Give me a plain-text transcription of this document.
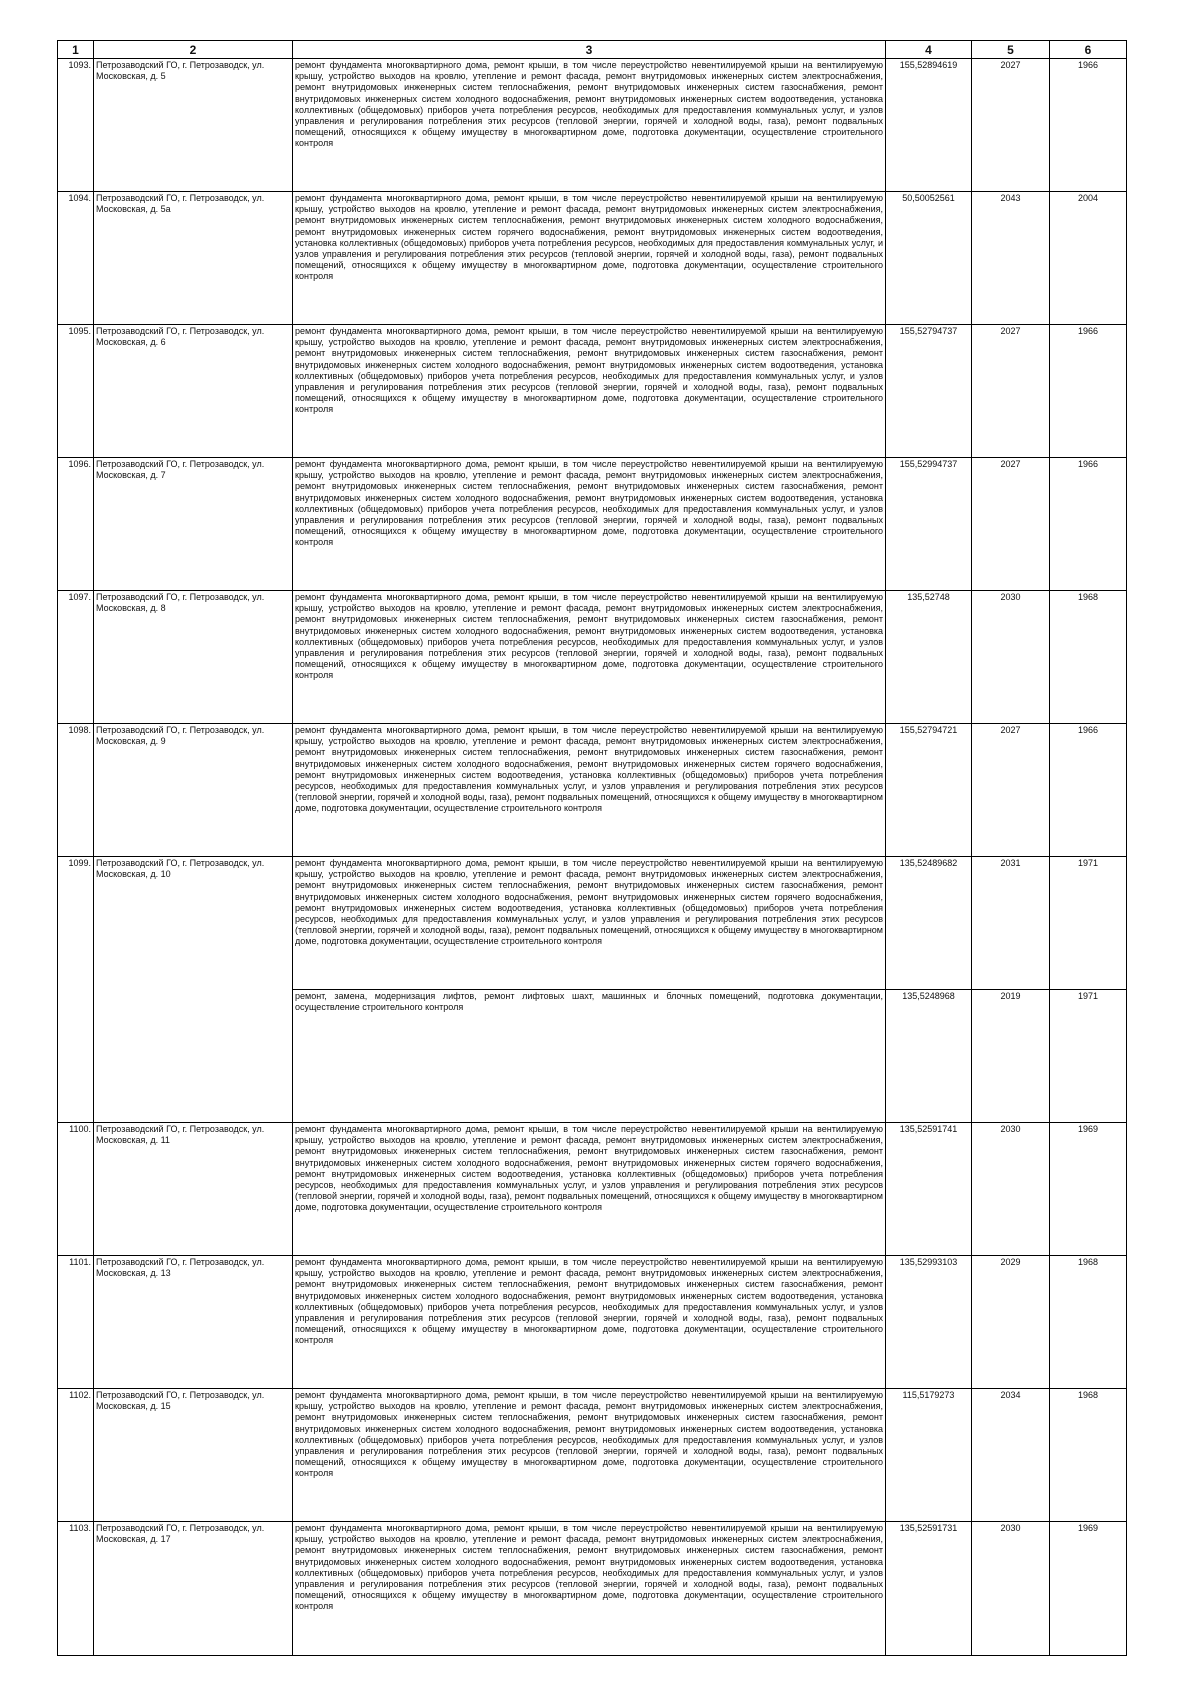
1	2	3	4	5	6
1093.	Петрозаводский ГО, г. Петрозаводск, ул. Московская, д. 5	ремонт фундамента многоквартирного дома, ремонт крыши, в том числе переустройство невентилируемой крыши на вентилируемую крышу, устройство выходов на кровлю, утепление и ремонт фасада, ремонт внутридомовых инженерных систем электроснабжения, ремонт внутридомовых инженерных систем теплоснабжения, ремонт внутридомовых инженерных систем газоснабжения, ремонт внутридомовых инженерных систем холодного водоснабжения, ремонт внутридомовых инженерных систем водоотведения, установка коллективных (общедомовых) приборов учета потребления ресурсов, необходимых для предоставления коммунальных услуг, и узлов управления и регулирования потребления этих ресурсов (тепловой энергии, горячей и холодной воды, газа), ремонт подвальных помещений, относящихся к общему имуществу в многоквартирном доме, подготовка документации, осуществление строительного контроля	155,52894619	2027	1966
1094.	Петрозаводский ГО, г. Петрозаводск, ул. Московская, д. 5а	ремонт фундамента многоквартирного дома, ремонт крыши, в том числе переустройство невентилируемой крыши на вентилируемую крышу, устройство выходов на кровлю, утепление и ремонт фасада, ремонт внутридомовых инженерных систем электроснабжения, ремонт внутридомовых инженерных систем теплоснабжения, ремонт внутридомовых инженерных систем холодного водоснабжения, ремонт внутридомовых инженерных систем горячего водоснабжения, ремонт внутридомовых инженерных систем водоотведения, установка коллективных (общедомовых) приборов учета потребления ресурсов, необходимых для предоставления коммунальных услуг, и узлов управления и регулирования потребления этих ресурсов (тепловой энергии, горячей и холодной воды, газа), ремонт подвальных помещений, относящихся к общему имуществу в многоквартирном доме, подготовка документации, осуществление строительного контроля	50,50052561	2043	2004
1095.	Петрозаводский ГО, г. Петрозаводск, ул. Московская, д. 6	ремонт фундамента многоквартирного дома, ремонт крыши, в том числе переустройство невентилируемой крыши на вентилируемую крышу, устройство выходов на кровлю, утепление и ремонт фасада, ремонт внутридомовых инженерных систем электроснабжения, ремонт внутридомовых инженерных систем теплоснабжения, ремонт внутридомовых инженерных систем газоснабжения, ремонт внутридомовых инженерных систем холодного водоснабжения, ремонт внутридомовых инженерных систем водоотведения, установка коллективных (общедомовых) приборов учета потребления ресурсов, необходимых для предоставления коммунальных услуг, и узлов управления и регулирования потребления этих ресурсов (тепловой энергии, горячей и холодной воды, газа), ремонт подвальных помещений, относящихся к общему имуществу в многоквартирном доме, подготовка документации, осуществление строительного контроля	155,52794737	2027	1966
1096.	Петрозаводский ГО, г. Петрозаводск, ул. Московская, д. 7	ремонт фундамента многоквартирного дома, ремонт крыши, в том числе переустройство невентилируемой крыши на вентилируемую крышу, устройство выходов на кровлю, утепление и ремонт фасада, ремонт внутридомовых инженерных систем электроснабжения, ремонт внутридомовых инженерных систем теплоснабжения, ремонт внутридомовых инженерных систем газоснабжения, ремонт внутридомовых инженерных систем холодного водоснабжения, ремонт внутридомовых инженерных систем водоотведения, установка коллективных (общедомовых) приборов учета потребления ресурсов, необходимых для предоставления коммунальных услуг, и узлов управления и регулирования потребления этих ресурсов (тепловой энергии, горячей и холодной воды, газа), ремонт подвальных помещений, относящихся к общему имуществу в многоквартирном доме, подготовка документации, осуществление строительного контроля	155,52994737	2027	1966
1097.	Петрозаводский ГО, г. Петрозаводск, ул. Московская, д. 8	ремонт фундамента многоквартирного дома, ремонт крыши, в том числе переустройство невентилируемой крыши на вентилируемую крышу, устройство выходов на кровлю, утепление и ремонт фасада, ремонт внутридомовых инженерных систем электроснабжения, ремонт внутридомовых инженерных систем теплоснабжения, ремонт внутридомовых инженерных систем газоснабжения, ремонт внутридомовых инженерных систем холодного водоснабжения, ремонт внутридомовых инженерных систем водоотведения, установка коллективных (общедомовых) приборов учета потребления ресурсов, необходимых для предоставления коммунальных услуг, и узлов управления и регулирования потребления этих ресурсов (тепловой энергии, горячей и холодной воды, газа), ремонт подвальных помещений, относящихся к общему имуществу в многоквартирном доме, подготовка документации, осуществление строительного контроля	135,52748	2030	1968
1098.	Петрозаводский ГО, г. Петрозаводск, ул. Московская, д. 9	ремонт фундамента многоквартирного дома, ремонт крыши, в том числе переустройство невентилируемой крыши на вентилируемую крышу, устройство выходов на кровлю, утепление и ремонт фасада, ремонт внутридомовых инженерных систем электроснабжения, ремонт внутридомовых инженерных систем теплоснабжения, ремонт внутридомовых инженерных систем газоснабжения, ремонт внутридомовых инженерных систем холодного водоснабжения, ремонт внутридомовых инженерных систем горячего водоснабжения, ремонт внутридомовых инженерных систем водоотведения, установка коллективных (общедомовых) приборов учета потребления ресурсов, необходимых для предоставления коммунальных услуг, и узлов управления и регулирования потребления этих ресурсов (тепловой энергии, горячей и холодной воды, газа), ремонт подвальных помещений, относящихся к общему имуществу в многоквартирном доме, подготовка документации, осуществление строительного контроля	155,52794721	2027	1966
1099.	Петрозаводский ГО, г. Петрозаводск, ул. Московская, д. 10	ремонт фундамента многоквартирного дома, ремонт крыши, в том числе переустройство невентилируемой крыши на вентилируемую крышу, устройство выходов на кровлю, утепление и ремонт фасада, ремонт внутридомовых инженерных систем электроснабжения, ремонт внутридомовых инженерных систем теплоснабжения, ремонт внутридомовых инженерных систем газоснабжения, ремонт внутридомовых инженерных систем холодного водоснабжения, ремонт внутридомовых инженерных систем горячего водоснабжения, ремонт внутридомовых инженерных систем водоотведения, установка коллективных (общедомовых) приборов учета потребления ресурсов, необходимых для предоставления коммунальных услуг, и узлов управления и регулирования потребления этих ресурсов (тепловой энергии, горячей и холодной воды, газа), ремонт подвальных помещений, относящихся к общему имуществу в многоквартирном доме, подготовка документации, осуществление строительного контроля	135,52489682	2031	1971
		ремонт, замена, модернизация лифтов, ремонт лифтовых шахт, машинных и блочных помещений, подготовка документации, осуществление строительного контроля	135,5248968	2019	1971
1100.	Петрозаводский ГО, г. Петрозаводск, ул. Московская, д. 11	ремонт фундамента многоквартирного дома, ремонт крыши, в том числе переустройство невентилируемой крыши на вентилируемую крышу, устройство выходов на кровлю, утепление и ремонт фасада, ремонт внутридомовых инженерных систем электроснабжения, ремонт внутридомовых инженерных систем теплоснабжения, ремонт внутридомовых инженерных систем газоснабжения, ремонт внутридомовых инженерных систем холодного водоснабжения, ремонт внутридомовых инженерных систем горячего водоснабжения, ремонт внутридомовых инженерных систем водоотведения, установка коллективных (общедомовых) приборов учета потребления ресурсов, необходимых для предоставления коммунальных услуг, и узлов управления и регулирования потребления этих ресурсов (тепловой энергии, горячей и холодной воды, газа), ремонт подвальных помещений, относящихся к общему имуществу в многоквартирном доме, подготовка документации, осуществление строительного контроля	135,52591741	2030	1969
1101.	Петрозаводский ГО, г. Петрозаводск, ул. Московская, д. 13	ремонт фундамента многоквартирного дома, ремонт крыши, в том числе переустройство невентилируемой крыши на вентилируемую крышу, устройство выходов на кровлю, утепление и ремонт фасада, ремонт внутридомовых инженерных систем электроснабжения, ремонт внутридомовых инженерных систем теплоснабжения, ремонт внутридомовых инженерных систем газоснабжения, ремонт внутридомовых инженерных систем холодного водоснабжения, ремонт внутридомовых инженерных систем водоотведения, установка коллективных (общедомовых) приборов учета потребления ресурсов, необходимых для предоставления коммунальных услуг, и узлов управления и регулирования потребления этих ресурсов (тепловой энергии, горячей и холодной воды, газа), ремонт подвальных помещений, относящихся к общему имуществу в многоквартирном доме, подготовка документации, осуществление строительного контроля	135,52993103	2029	1968
1102.	Петрозаводский ГО, г. Петрозаводск, ул. Московская, д. 15	ремонт фундамента многоквартирного дома, ремонт крыши, в том числе переустройство невентилируемой крыши на вентилируемую крышу, устройство выходов на кровлю, утепление и ремонт фасада, ремонт внутридомовых инженерных систем электроснабжения, ремонт внутридомовых инженерных систем теплоснабжения, ремонт внутридомовых инженерных систем газоснабжения, ремонт внутридомовых инженерных систем холодного водоснабжения, ремонт внутридомовых инженерных систем водоотведения, установка коллективных (общедомовых) приборов учета потребления ресурсов, необходимых для предоставления коммунальных услуг, и узлов управления и регулирования потребления этих ресурсов (тепловой энергии, горячей и холодной воды, газа), ремонт подвальных помещений, относящихся к общему имуществу в многоквартирном доме, подготовка документации, осуществление строительного контроля	115,5179273	2034	1968
1103.	Петрозаводский ГО, г. Петрозаводск, ул. Московская, д. 17	ремонт фундамента многоквартирного дома, ремонт крыши, в том числе переустройство невентилируемой крыши на вентилируемую крышу, устройство выходов на кровлю, утепление и ремонт фасада, ремонт внутридомовых инженерных систем электроснабжения, ремонт внутридомовых инженерных систем теплоснабжения, ремонт внутридомовых инженерных систем газоснабжения, ремонт внутридомовых инженерных систем холодного водоснабжения, ремонт внутридомовых инженерных систем водоотведения, установка коллективных (общедомовых) приборов учета потребления ресурсов, необходимых для предоставления коммунальных услуг, и узлов управления и регулирования потребления этих ресурсов (тепловой энергии, горячей и холодной воды, газа), ремонт подвальных помещений, относящихся к общему имуществу в многоквартирном доме, подготовка документации, осуществление строительного контроля	135,52591731	2030	1969
